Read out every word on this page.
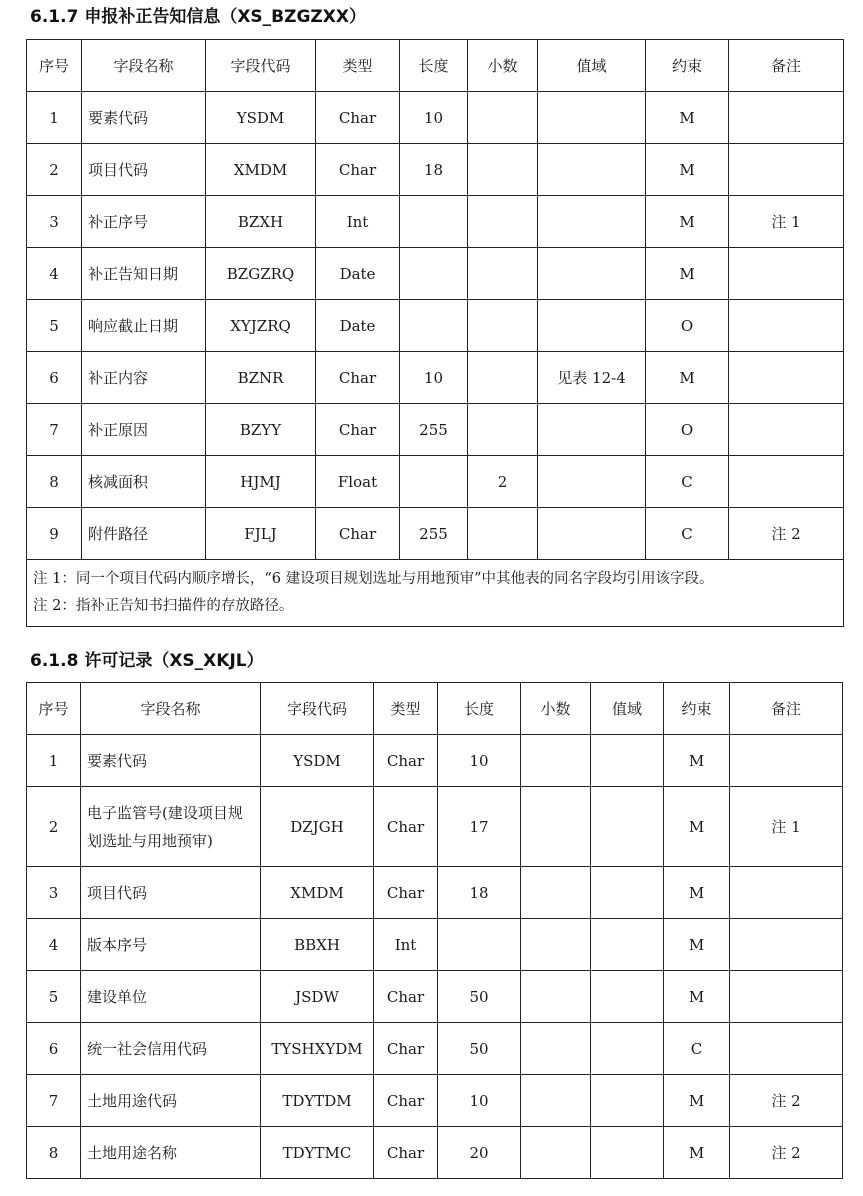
6.1.7 申报补正告知信息（XS_BZGZXX）
序号	字段名称	字段代码	类型	长度	小数	值域	约束	备注
1	要素代码	YSDM	Char	10			M	
2	项目代码	XMDM	Char	18			M	
3	补正序号	BZXH	Int				M	注 1
4	补正告知日期	BZGZRQ	Date				M	
5	响应截止日期	XYJZRQ	Date				O	
6	补正内容	BZNR	Char	10		见表 12-4	M	
7	补正原因	BZYY	Char	255			O	
8	核减面积	HJMJ	Float		2		C	
9	附件路径	FJLJ	Char	255			C	注 2

注 1：同一个项目代码内顺序增长，“6 建设项目规划选址与用地预审”中其他表的同名字段均引用该字段。
注 2：指补正告知书扫描件的存放路径。								
6.1.8 许可记录（XS_XKJL）
序号	字段名称	字段代码	类型	长度	小数	值域	约束	备注
1	要素代码	YSDM	Char	10			M	
2	电子监管号(建设项目规划选址与用地预审)	DZJGH	Char	17			M	注 1
3	项目代码	XMDM	Char	18			M	
4	版本序号	BBXH	Int				M	
5	建设单位	JSDW	Char	50			M	
6	统一社会信用代码	TYSHXYDM	Char	50			C	
7	土地用途代码	TDYTDM	Char	10			M	注 2
8	土地用途名称	TDYTMC	Char	20			M	注 2
